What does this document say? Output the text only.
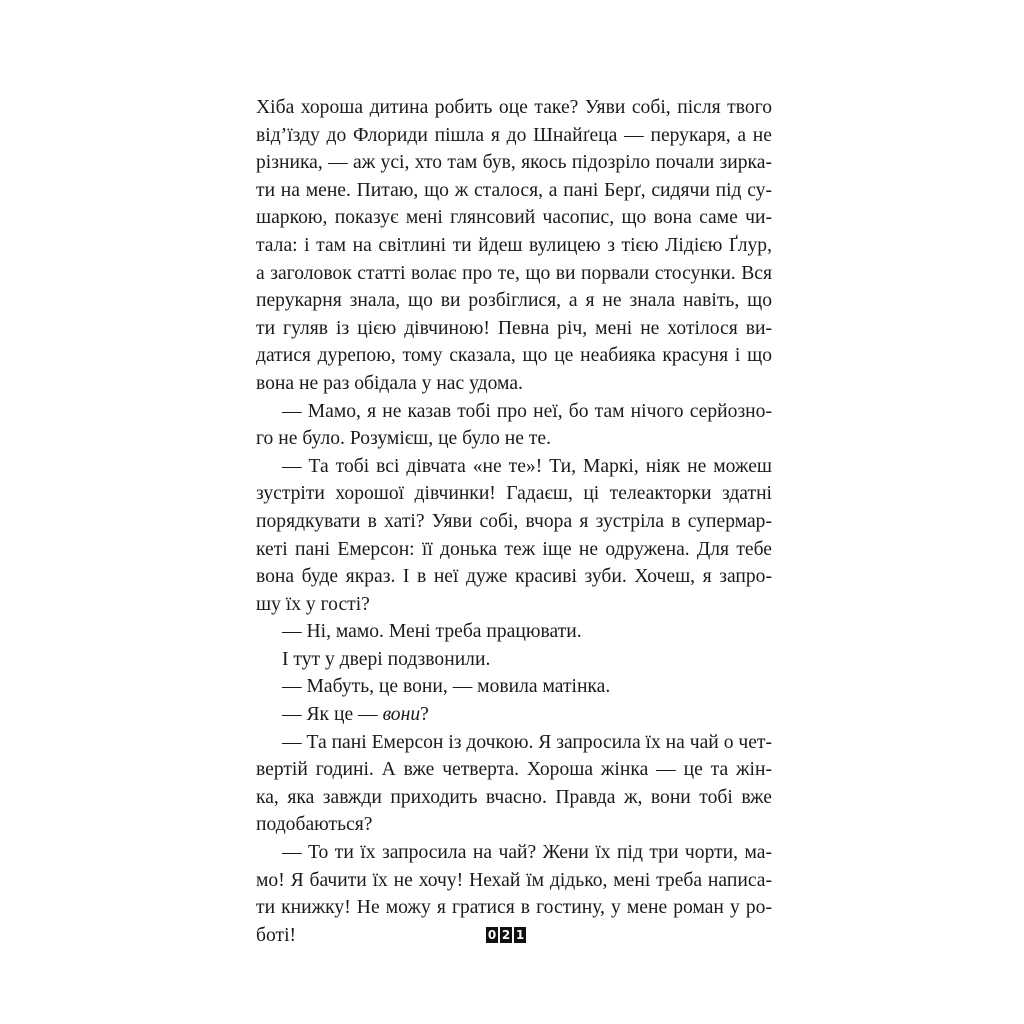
Хіба хороша дитина робить оце таке? Уяви собі, після твого
від’їзду до Флориди пішла я до Шнайґеца — перукаря, а не
різника, — аж усі, хто там був, якось підозріло почали зирка-
ти на мене. Питаю, що ж сталося, а пані Берґ, сидячи під су-
шаркою, показує мені глянсовий часопис, що вона саме чи-
тала: і там на світлині ти йдеш вулицею з тією Лідією Ґлур,
а заголовок статті волає про те, що ви порвали стосунки. Вся
перукарня знала, що ви розбіглися, а я не знала навіть, що
ти гуляв із цією дівчиною! Певна річ, мені не хотілося ви-
датися дурепою, тому сказала, що це неабияка красуня і що
вона не раз обідала у нас удома.
— Мамо, я не казав тобі про неї, бо там нічого серйозно-
го не було. Розумієш, це було не те.
— Та тобі всі дівчата «не те»! Ти, Маркі, ніяк не можеш
зустріти хорошої дівчинки! Гадаєш, ці телеакторки здатні
порядкувати в хаті? Уяви собі, вчора я зустріла в супермар-
кеті пані Емерсон: її донька теж іще не одружена. Для тебе
вона буде якраз. І в неї дуже красиві зуби. Хочеш, я запро-
шу їх у гості?
— Ні, мамо. Мені треба працювати.
І тут у двері подзвонили.
— Мабуть, це вони, — мовила матінка.
— Як це — вони?
— Та пані Емерсон із дочкою. Я запросила їх на чай о чет-
вертій годині. А вже четверта. Хороша жінка — це та жін-
ка, яка завжди приходить вчасно. Правда ж, вони тобі вже
подобаються?
— То ти їх запросила на чай? Жени їх під три чорти, ма-
мо! Я бачити їх не хочу! Нехай їм дідько, мені треба написа-
ти книжку! Не можу я гратися в гостину, у мене роман у ро-
боті!	0 2 1
